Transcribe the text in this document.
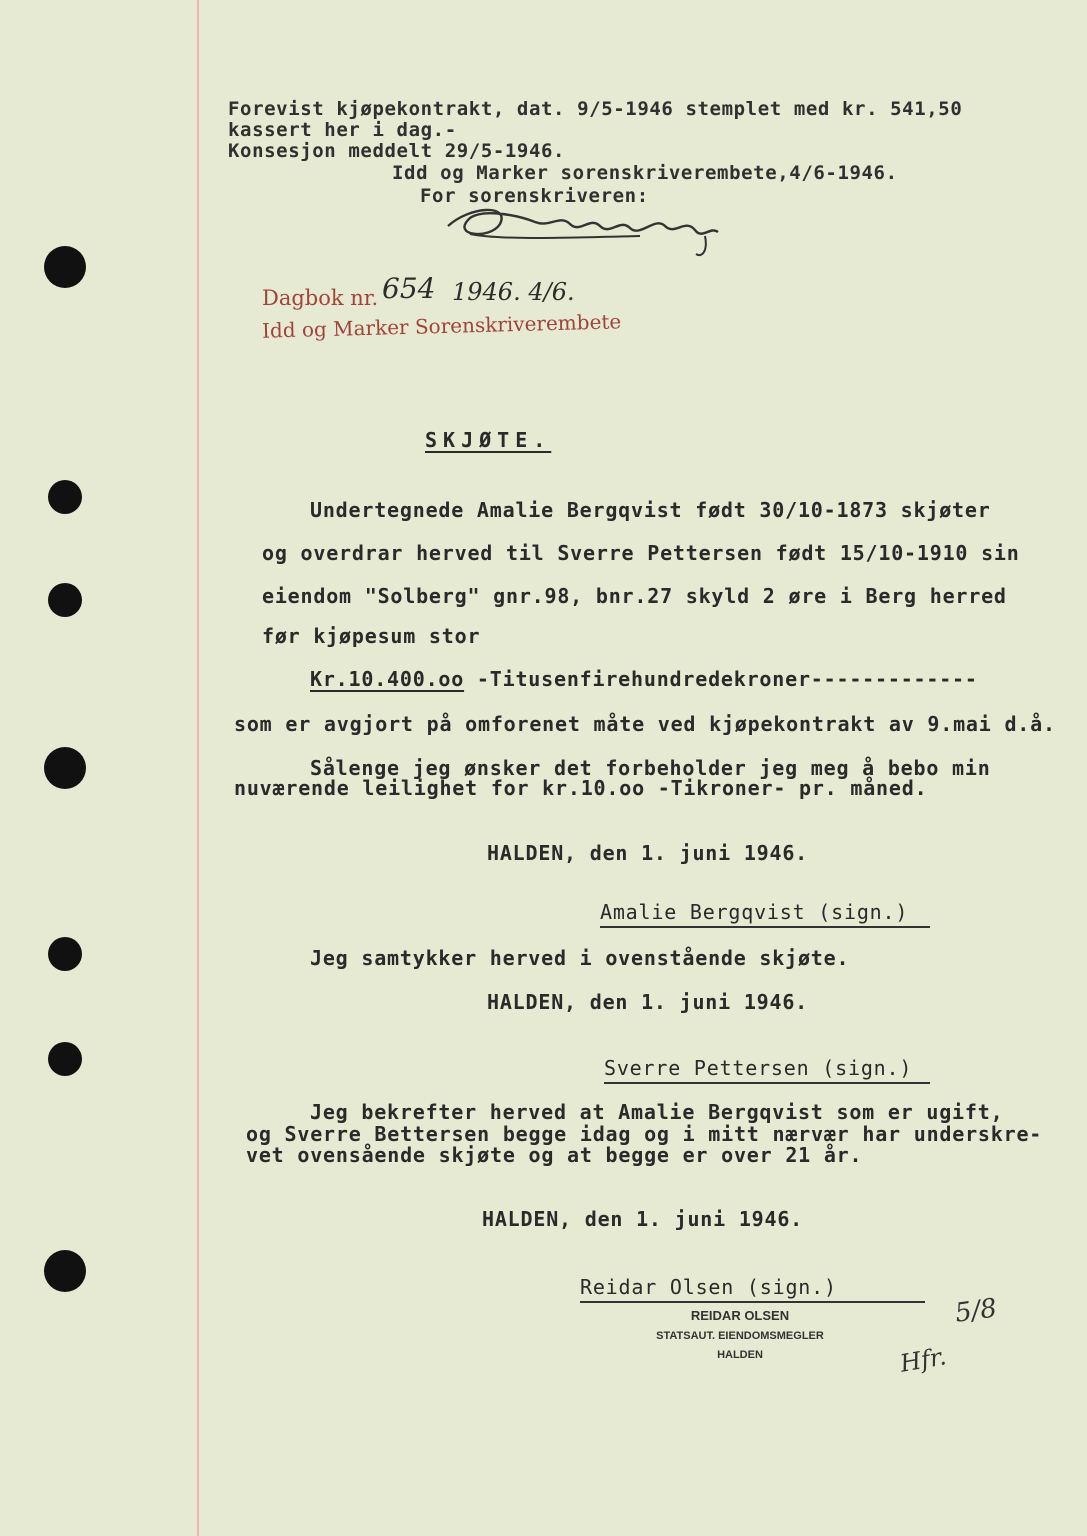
Forevist kjøpekontrakt, dat. 9/5-1946 stemplet med kr. 541,50
kassert her i dag.-
Konsesjon meddelt 29/5-1946.
Idd og Marker sorenskriverembete,4/6-1946.
For sorenskriveren:
Dagbok nr. 654 1946. 4/6.
Idd og Marker Sorenskriverembete
SKJØTE.
Undertegnede Amalie Bergqvist født 30/10-1873 skjøter
og overdrar herved til Sverre Pettersen født 15/10-1910 sin
eiendom "Solberg" gnr.98, bnr.27 skyld 2 øre i Berg herred
før kjøpesum stor
Kr.10.400.oo -Titusenfirehundredekroner-------------
som er avgjort på omforenet måte ved kjøpekontrakt av 9.mai d.å.
Sålenge jeg ønsker det forbeholder jeg meg å bebo min
nuværende leilighet for kr.10.oo -Tikroner- pr. måned.
HALDEN, den 1. juni 1946.
Amalie Bergqvist (sign.)
Jeg samtykker herved i ovenstående skjøte.
HALDEN, den 1. juni 1946.
Sverre Pettersen (sign.)
Jeg bekrefter herved at Amalie Bergqvist som er ugift,
og Sverre Bettersen begge idag og i mitt nærvær har underskre-
vet ovensående skjøte og at begge er over 21 år.
HALDEN, den 1. juni 1946.
Reidar Olsen (sign.)
REIDAR OLSEN
STATSAUT. EIENDOMSMEGLER
HALDEN
5/8
Hfr.
